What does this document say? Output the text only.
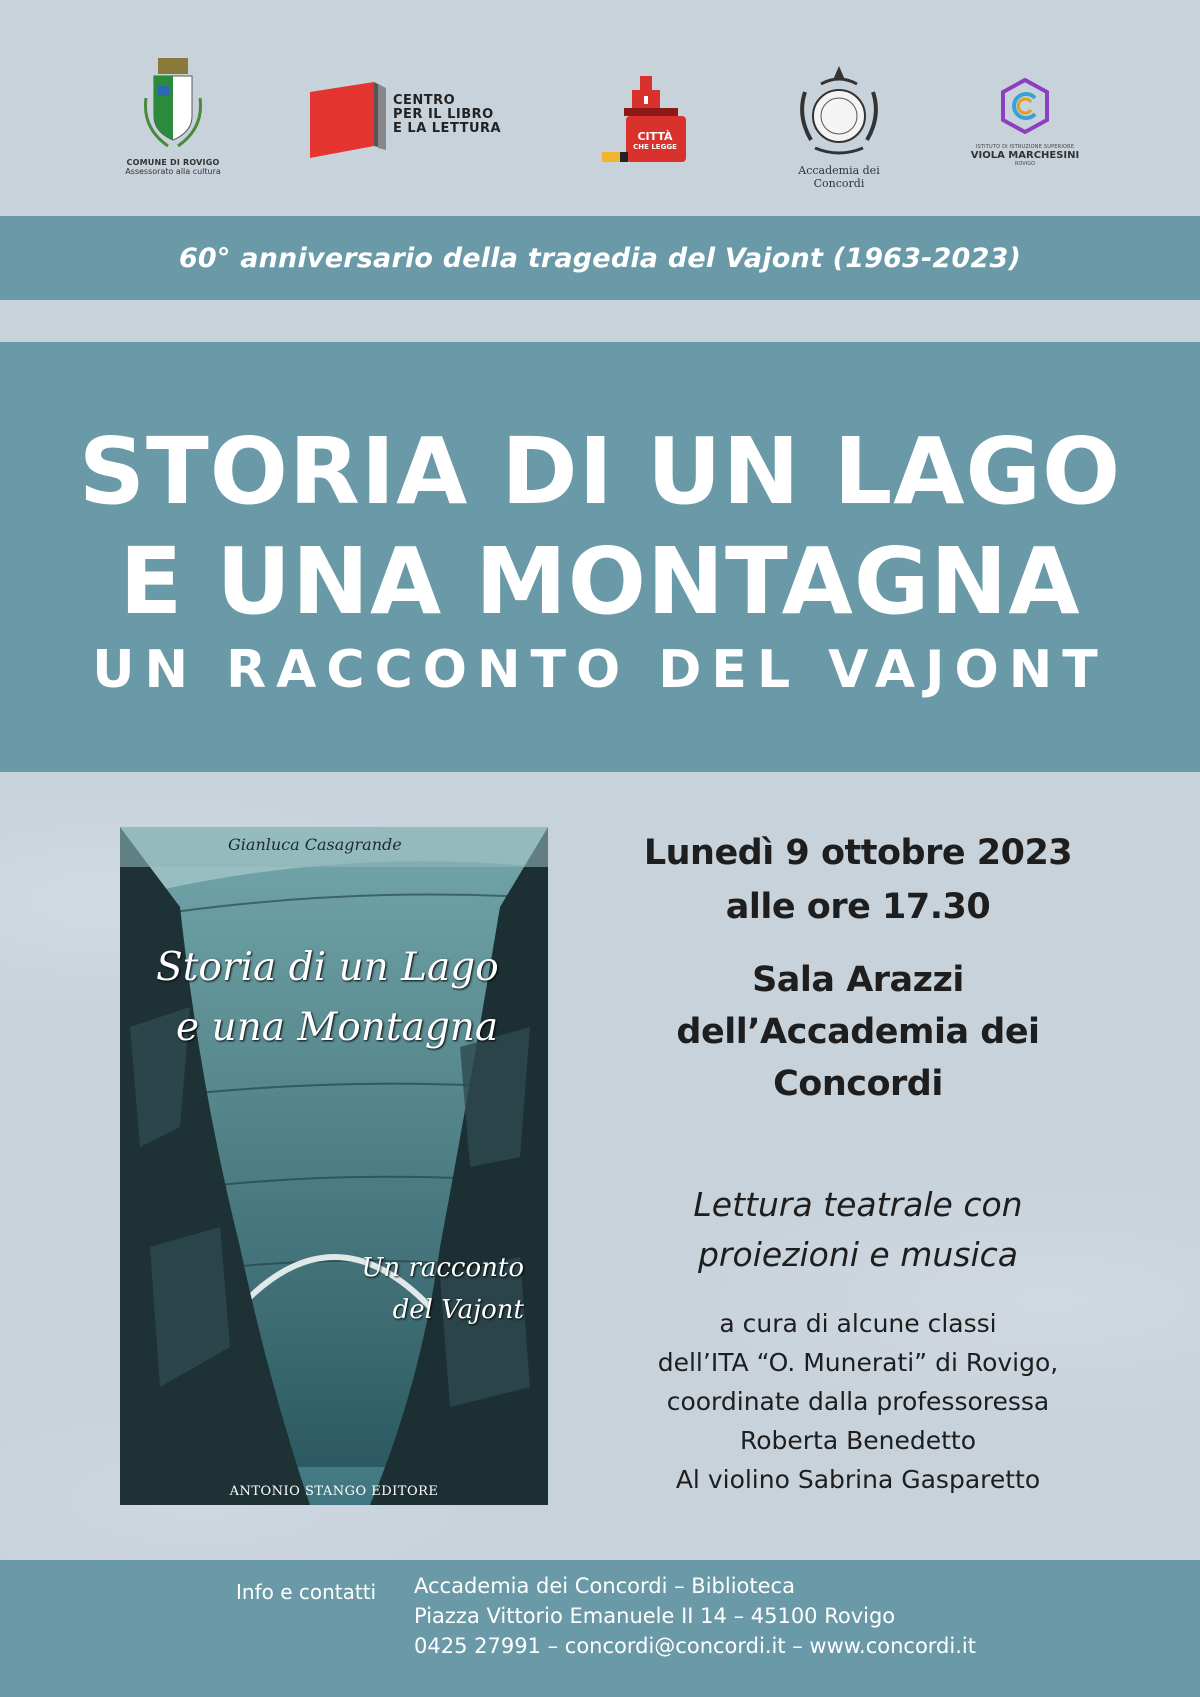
COMUNE DI ROVIGO
Assessorato alla cultura
CENTRO
PER IL LIBRO
E LA LETTURA
CITTÀ
CHE LEGGE
Accademia dei Concordi
ISTITUTO DI ISTRUZIONE SUPERIORE
VIOLA MARCHESINI
ROVIGO
60° anniversario della tragedia del Vajont (1963-2023)
STORIA DI UN LAGO
E UNA MONTAGNA
UN RACCONTO DEL VAJONT
Gianluca Casagrande
Storia di un Lago
e una Montagna
Un racconto
del Vajont
ANTONIO STANGO EDITORE
Lunedì 9 ottobre 2023
alle ore 17.30
Sala Arazzi
dell’Accademia dei
Concordi
Lettura teatrale con
proiezioni e musica
a cura di alcune classi
dell’ITA “O. Munerati” di Rovigo,
coordinate dalla professoressa
Roberta Benedetto
Al violino Sabrina Gasparetto
Info e contatti Accademia dei Concordi – Biblioteca
Piazza Vittorio Emanuele II 14 – 45100 Rovigo
0425 27991 – concordi@concordi.it – www.concordi.it
